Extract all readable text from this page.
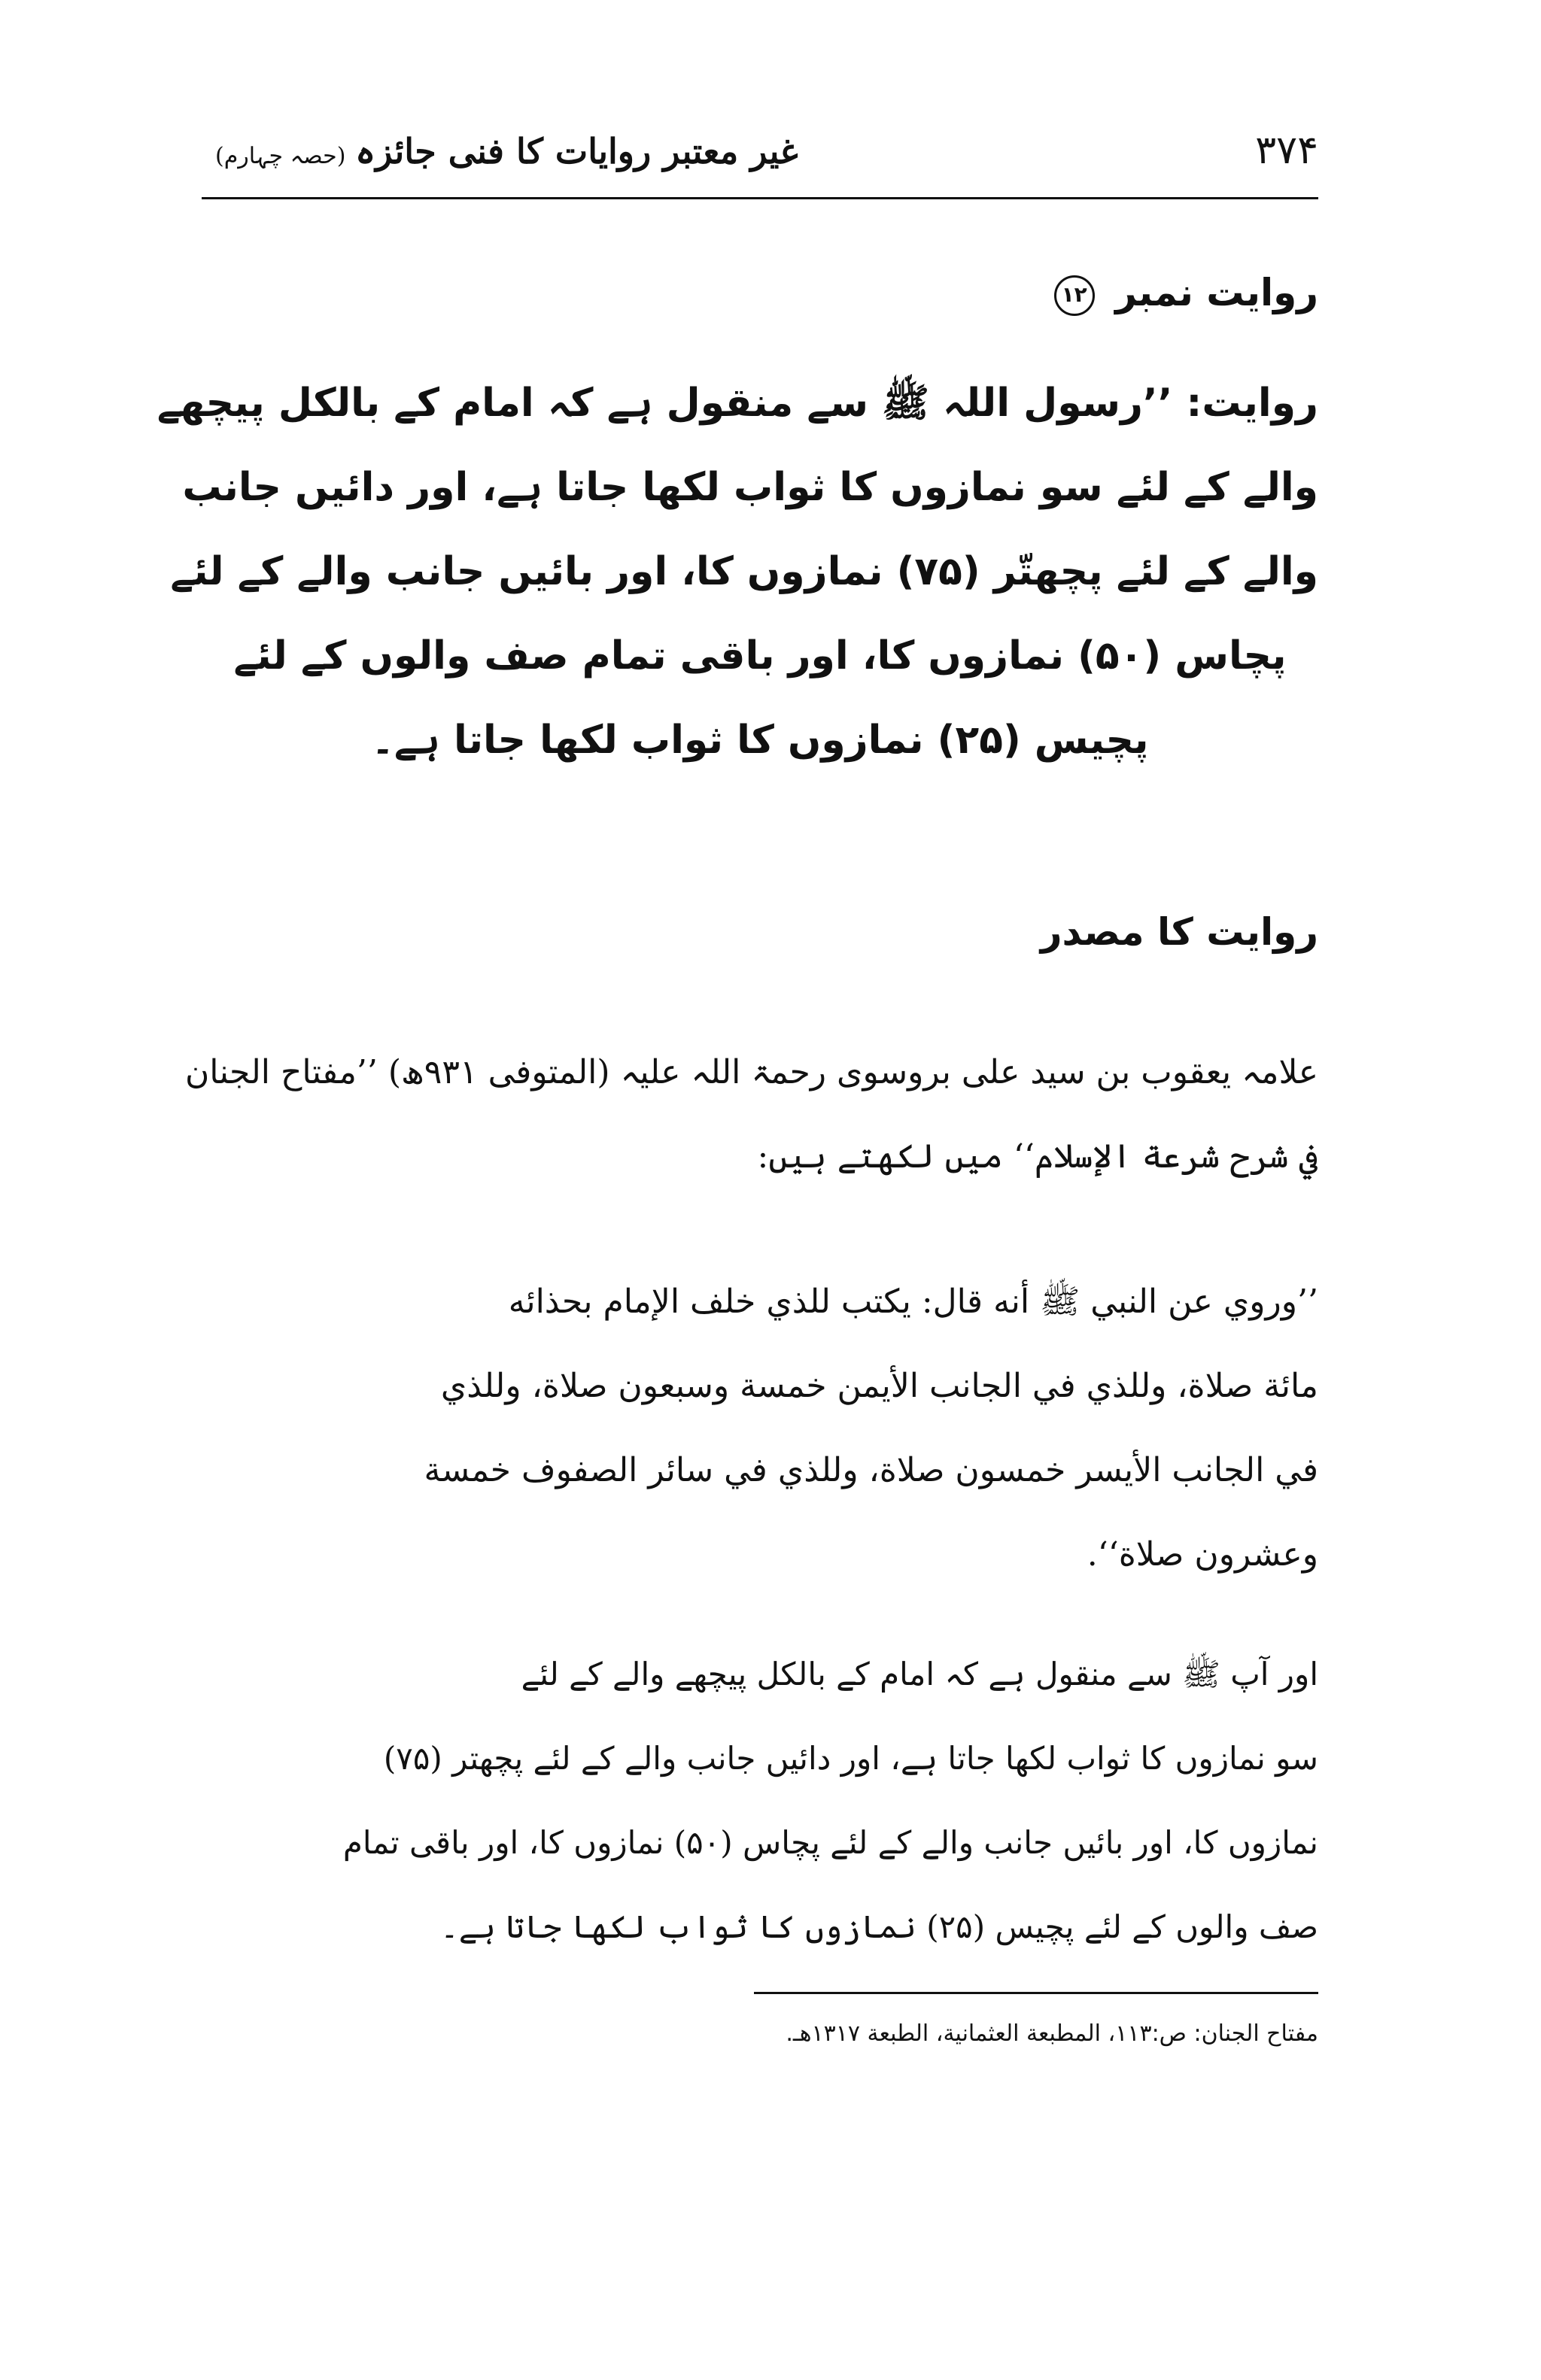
۳۷۴
غیر معتبر روایات کا فنی جائزہ (حصہ چہارم)
روایت نمبر ۱۲
روایت: ’’رسول اللہ ﷺ سے منقول ہے کہ امام کے بالکل پیچھے
والے کے لئے سو نمازوں کا ثواب لکھا جاتا ہے، اور دائیں جانب
والے کے لئے پچھتّر (۷۵) نمازوں کا، اور بائیں جانب والے کے لئے
پچاس (۵۰) نمازوں کا، اور باقی تمام صف والوں کے لئے
پچیس (۲۵) نمازوں کا ثواب لکھا جاتا ہے۔
روایت کا مصدر
علامہ یعقوب بن سید علی بروسوی رحمۃ اللہ علیہ (المتوفی ۹۳۱ھ) ’’مفتاح الجنان
في شرح شرعة الإسلام‘‘ میں لکھتے ہیں:
’’وروي عن النبي ﷺ أنه قال: يكتب للذي خلف الإمام بحذائه
مائة صلاة، وللذي في الجانب الأيمن خمسة وسبعون صلاة، وللذي
في الجانب الأيسر خمسون صلاة، وللذي في سائر الصفوف خمسة
وعشرون صلاة‘‘.
اور آپ ﷺ سے منقول ہے کہ امام کے بالکل پیچھے والے کے لئے
سو نمازوں کا ثواب لکھا جاتا ہے، اور دائیں جانب والے کے لئے پچھتر (۷۵)
نمازوں کا، اور بائیں جانب والے کے لئے پچاس (۵۰) نمازوں کا، اور باقی تمام
صف والوں کے لئے پچیس (۲۵) نمازوں کا ثواب لکھا جاتا ہے۔
مفتاح الجنان: ص:۱۱۳، المطبعة العثمانية، الطبعة ۱۳۱۷ھـ.
